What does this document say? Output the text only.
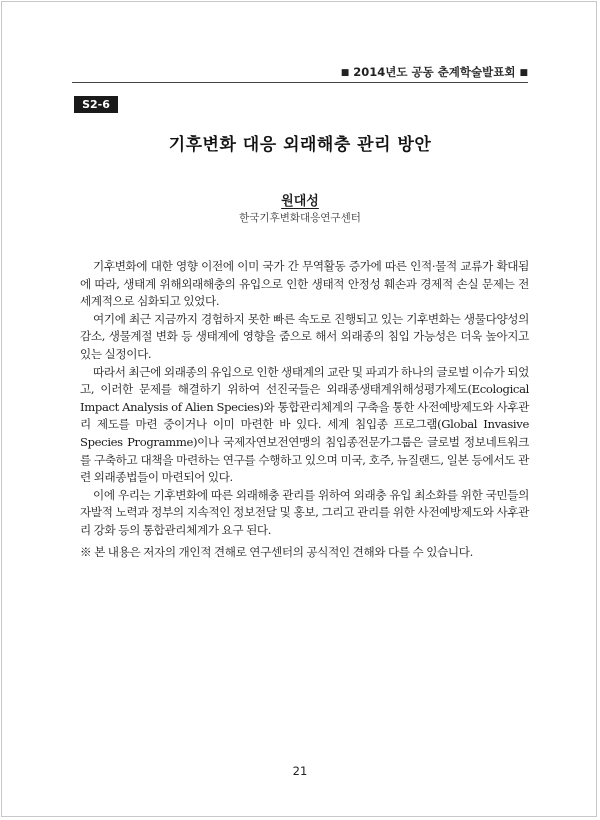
■ 2014년도 공동 춘계학술발표회 ■
S2-6
기후변화 대응 외래해충 관리 방안
원대성
한국기후변화대응연구센터

기후변화에 대한 영향 이전에 이미 국가 간 무역활동 증가에 따른 인적·물적 교류가 확대됨에 따라, 생태계 위해외래해충의 유입으로 인한 생태적 안정성 훼손과 경제적 손실 문제는 전 세계적으로 심화되고 있었다.

여기에 최근 지금까지 경험하지 못한 빠른 속도로 진행되고 있는 기후변화는 생물다양성의 감소, 생물계절 변화 등 생태계에 영향을 줌으로 해서 외래종의 침입 가능성은 더욱 높아지고 있는 실정이다.

따라서 최근에 외래종의 유입으로 인한 생태계의 교란 및 파괴가 하나의 글로벌 이슈가 되었고, 이러한 문제를 해결하기 위하여 선진국들은 외래종생태계위해성평가제도(Ecological Impact Analysis of Alien Species)와 통합관리체계의 구축을 통한 사전예방제도와 사후관리 제도를 마련 중이거나 이미 마련한 바 있다. 세계 침입종 프로그램(Global Invasive Species Programme)이나 국제자연보전연맹의 침입종전문가그룹은 글로벌 정보네트워크를 구축하고 대책을 마련하는 연구를 수행하고 있으며 미국, 호주, 뉴질랜드, 일본 등에서도 관련 외래종법들이 마련되어 있다.

이에 우리는 기후변화에 따른 외래해충 관리를 위하여 외래충 유입 최소화를 위한 국민들의 자발적 노력과 정부의 지속적인 정보전달 및 홍보, 그리고 관리를 위한 사전예방제도와 사후관리 강화 등의 통합관리체계가 요구 된다.

※ 본 내용은 저자의 개인적 견해로 연구센터의 공식적인 견해와 다를 수 있습니다.

21
